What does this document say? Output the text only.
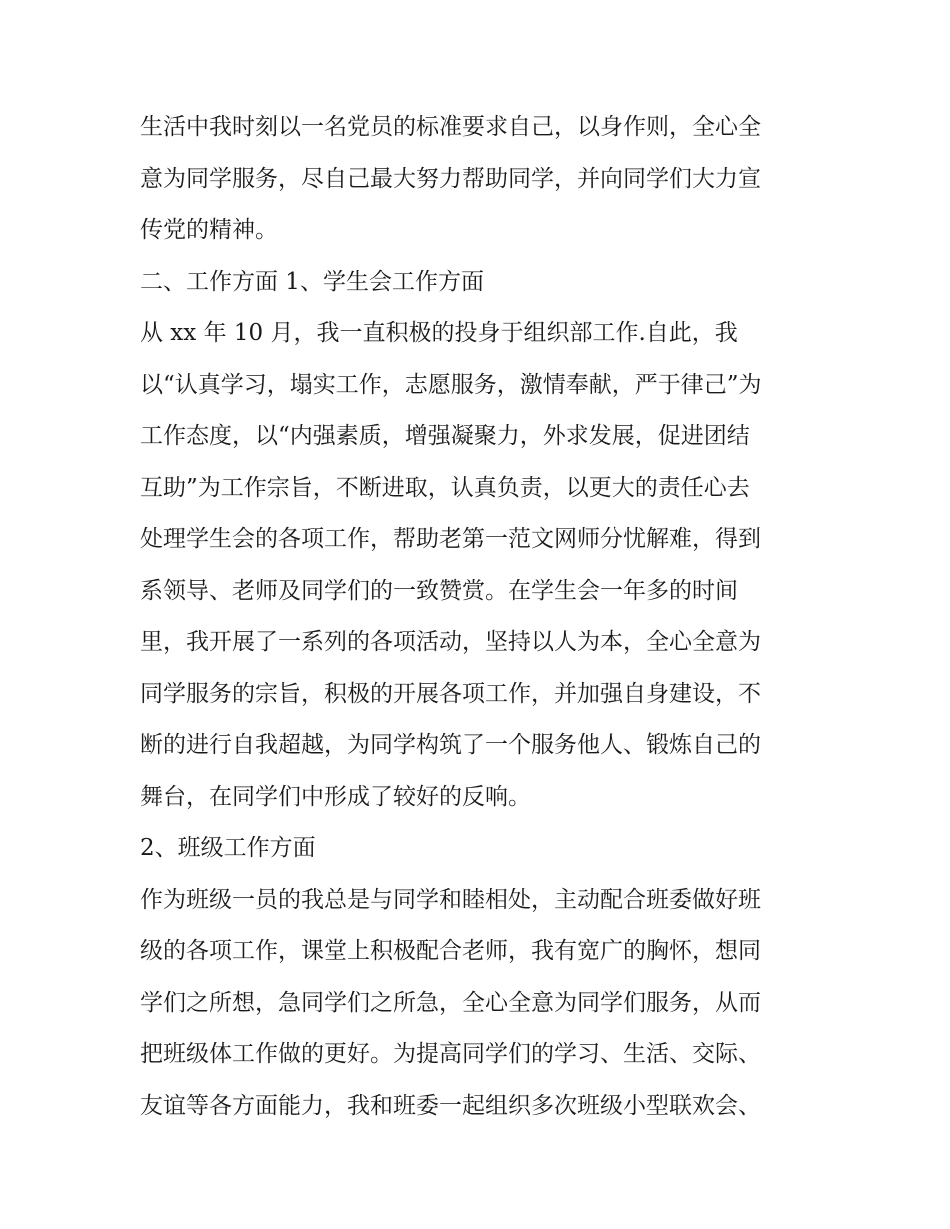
生活中我时刻以一名党员的标准要求自己，以身作则，全心全
意为同学服务，尽自己最大努力帮助同学，并向同学们大力宣
传党的精神。
二、工作方面 1、学生会工作方面
从 xx 年 10 月，我一直积极的投身于组织部工作.自此，我
以“认真学习，塌实工作，志愿服务，激情奉献，严于律己”为
工作态度，以“内强素质，增强凝聚力，外求发展，促进团结
互助”为工作宗旨，不断进取，认真负责，以更大的责任心去
处理学生会的各项工作，帮助老第一范文网师分忧解难，得到
系领导、老师及同学们的一致赞赏。在学生会一年多的时间
里，我开展了一系列的各项活动，坚持以人为本，全心全意为
同学服务的宗旨，积极的开展各项工作，并加强自身建设，不
断的进行自我超越，为同学构筑了一个服务他人、锻炼自己的
舞台，在同学们中形成了较好的反响。
2、班级工作方面
作为班级一员的我总是与同学和睦相处，主动配合班委做好班
级的各项工作，课堂上积极配合老师，我有宽广的胸怀，想同
学们之所想，急同学们之所急，全心全意为同学们服务，从而
把班级体工作做的更好。为提高同学们的学习、生活、交际、
友谊等各方面能力，我和班委一起组织多次班级小型联欢会、
